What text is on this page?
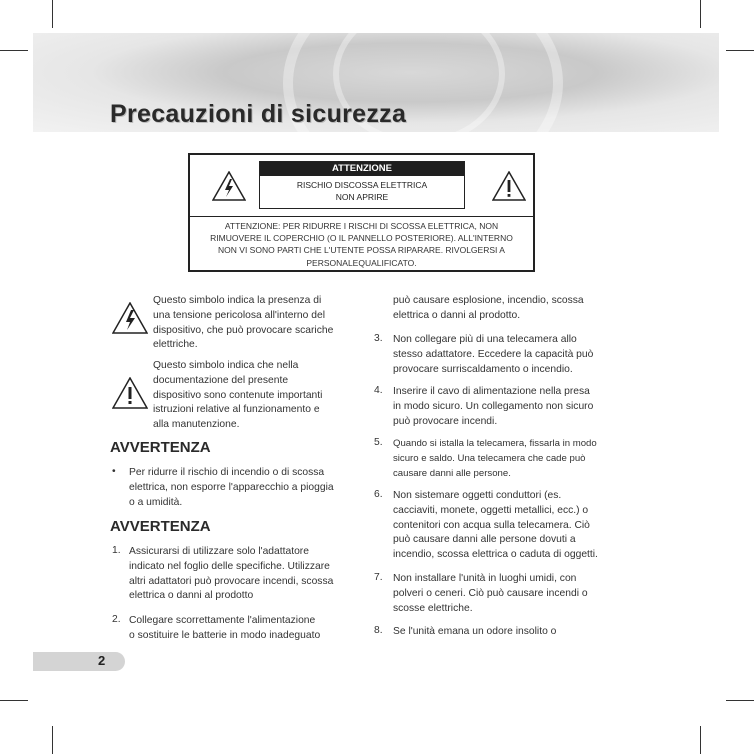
Precauzioni di sicurezza
ATTENZIONE
RISCHIO DISCOSSA ELETTRICA
NON APRIRE
ATTENZIONE: PER RIDURRE I RISCHI DI SCOSSA ELETTRICA, NON
RIMUOVERE IL COPERCHIO (O IL PANNELLO POSTERIORE). ALL'INTERNO
NON VI SONO PARTI CHE L'UTENTE POSSA RIPARARE. RIVOLGERSI A
PERSONALEQUALIFICATO.
Questo simbolo indica la presenza di
una tensione pericolosa all'interno del
dispositivo, che può provocare scariche
elettriche.
Questo simbolo indica che nella
documentazione del presente
dispositivo sono contenute importanti
istruzioni relative al funzionamento e
alla manutenzione.
AVVERTENZA
• Per ridurre il rischio di incendio o di scossa
elettrica, non esporre l'apparecchio a pioggia
o a umidità.
AVVERTENZA
1. Assicurarsi di utilizzare solo l'adattatore
indicato nel foglio delle specifiche. Utilizzare
altri adattatori può provocare incendi, scossa
elettrica o danni al prodotto
2. Collegare scorrettamente l'alimentazione
o sostituire le batterie in modo inadeguato
può causare esplosione, incendio, scossa
elettrica o danni al prodotto.
3. Non collegare più di una telecamera allo
stesso adattatore. Eccedere la capacità può
provocare surriscaldamento o incendio.
4. Inserire il cavo di alimentazione nella presa
in modo sicuro. Un collegamento non sicuro
può provocare incendi.
5. Quando si istalla la telecamera, fissarla in modo
sicuro e saldo. Una telecamera che cade può
causare danni alle persone.
6. Non sistemare oggetti conduttori (es.
cacciaviti, monete, oggetti metallici, ecc.) o
contenitori con acqua sulla telecamera. Ciò
può causare danni alle persone dovuti a
incendio, scossa elettrica o caduta di oggetti.
7. Non installare l'unità in luoghi umidi, con
polveri o ceneri. Ciò può causare incendi o
scosse elettriche.
8. Se l'unità emana un odore insolito o
2
